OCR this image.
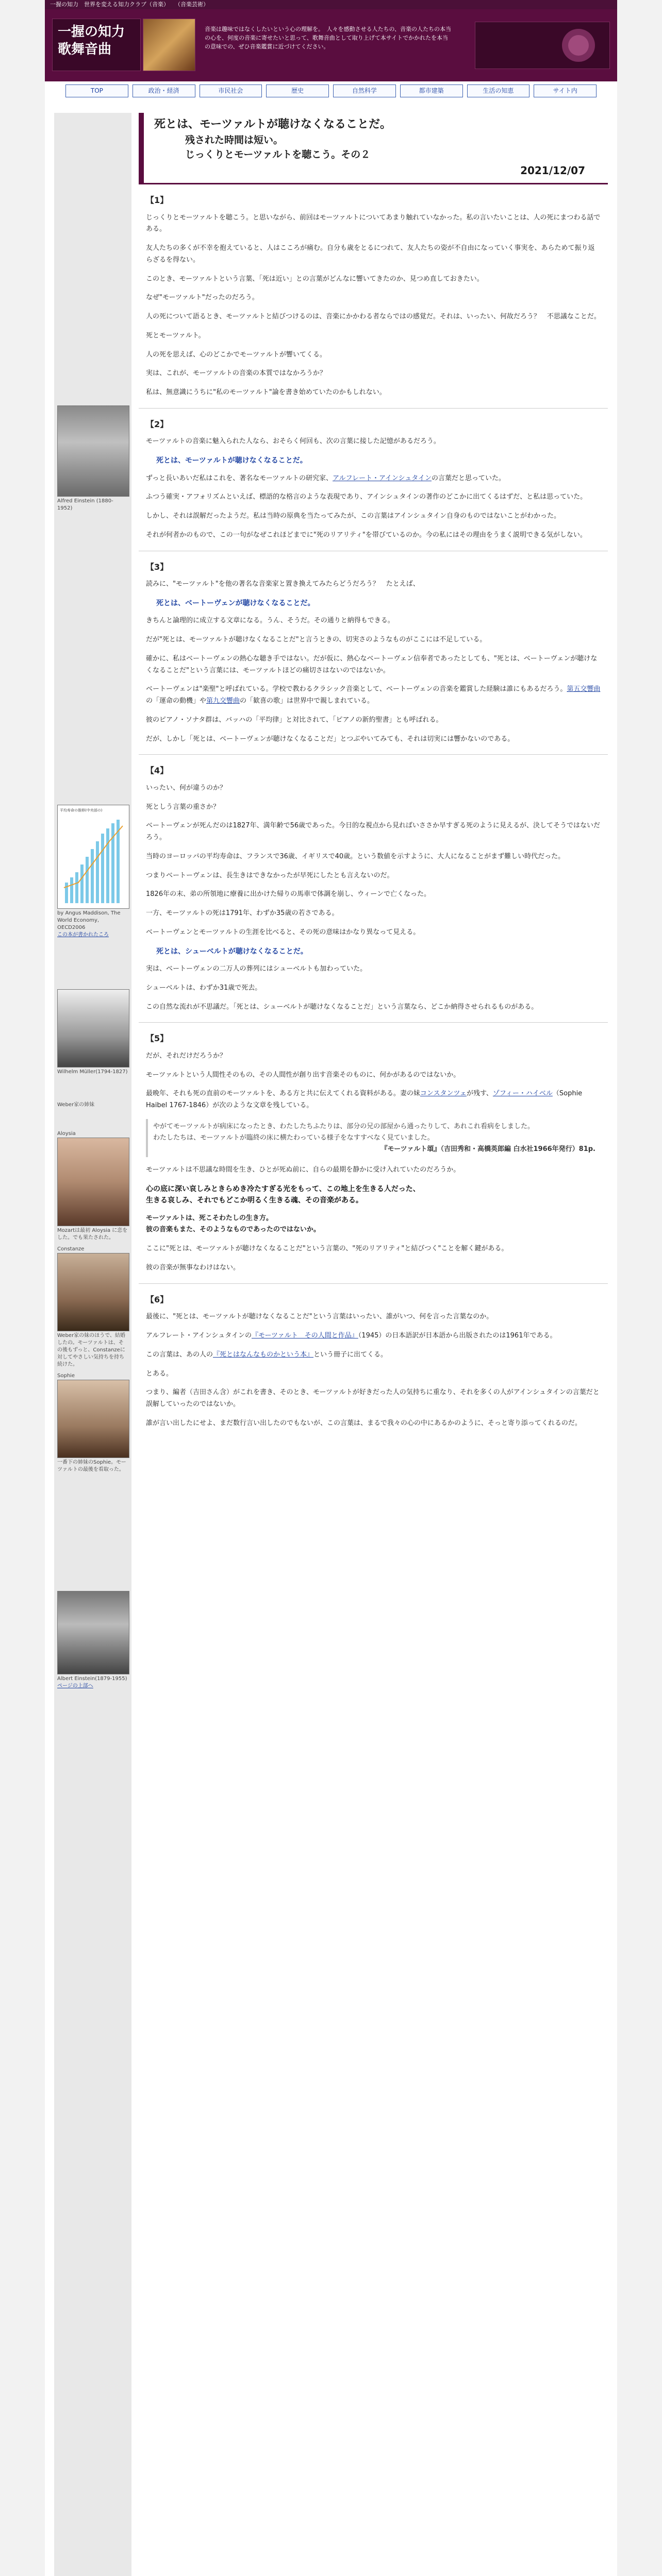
一握の知力　世界を変える知力クラブ（音楽）　　（音楽芸術）
一握の知力
歌舞音曲
音楽は趣味ではなくしたいという心の理解を。　人々を感動させる人たちの、音楽の人たちの本当の心を、何度の音楽に寄せたいと思って、歌舞音曲として取り上げて本サイトでかかれたを本当の意味での、ぜひ音楽鑑賞に近づけてください。
TOP	政治・経済	市民社会	歴史	自然科学	都市建築	生活の知恵	サイト内
Alfred Einstein (1880-1952)
平均寿命の推移(中央部の)
by Angus Maddison, The World Economy, OECD2006
この本が書かれたころ
Wilhelm Müller(1794-1827)
Weber家の姉妹
Aloysia
Mozartは最初 Aloysia に恋をした。でも果たされた。
Constanze
Weber家の妹のほうで、結婚したの。モーツァルトは、その後もずっと、Constanzeに対してやさしい気持ちを持ち続けた。
Sophie
一番下の姉妹のSophie。モーツァルトの最後を看取った。
Albert Einstein(1879-1955)
ページの上部へ
死とは、モーツァルトが聴けなくなることだ。
残された時間は短い。
じっくりとモーツァルトを聴こう。その２
2021/12/07
【1】

じっくりとモーツァルトを聴こう。と思いながら、前回はモーツァルトについてあまり触れていなかった。私の言いたいことは、人の死にまつわる話である。

友人たちの多くが不幸を抱えていると、人はこころが痛む。自分も歳をとるにつれて、友人たちの姿が不自由になっていく事実を、あらためて振り返らざるを得ない。

このとき、モーツァルトという言葉、「死は近い」との言葉がどんなに響いてきたのか、見つめ直しておきたい。

なぜ"モーツァルト"だったのだろう。

人の死について語るとき、モーツァルトと結びつけるのは、音楽にかかわる者ならではの感覚だ。それは、いったい、何故だろう？　不思議なことだ。

死とモーツァルト。

人の死を思えば、心のどこかでモーツァルトが響いてくる。

実は、これが、モーツァルトの音楽の本質ではなかろうか？

私は、無意識にうちに"私のモーツァルト"論を書き始めていたのかもしれない。

【2】

モーツァルトの音楽に魅入られた人なら、おそらく何回も、次の言葉に接した記憶があるだろう。

死とは、モーツァルトが聴けなくなることだ。

ずっと長いあいだ私はこれを、著名なモーツァルトの研究家、アルフレート・アインシュタインの言葉だと思っていた。

ふつう確実・アフォリズムといえば、標語的な格言のような表現であり、アインシュタインの著作のどこかに出てくるはずだ、と私は思っていた。

しかし、それは誤解だったようだ。私は当時の原典を当たってみたが、この言葉はアインシュタイン自身のものではないことがわかった。

それが何者かのもので、この一句がなぜこれほどまでに"死のリアリティ"を帯びているのか。今の私にはその理由をうまく説明できる気がしない。

【3】

読みに、"モーツァルト"を他の著名な音楽家と置き換えてみたらどうだろう？　たとえば、

死とは、ベートーヴェンが聴けなくなることだ。

きちんと論理的に成立する文章になる。うん、そうだ。その通りと納得もできる。

だが"死とは、モーツァルトが聴けなくなることだ"と言うときの、切実さのようなものがここには不足している。

確かに、私はベートーヴェンの熱心な聴き手ではない。だが仮に、熱心なベートーヴェン信奉者であったとしても、"死とは、ベートーヴェンが聴けなくなることだ"という言葉には、モーツァルトほどの痛切さはないのではないか。

ベートーヴェンは"楽聖"と呼ばれている。学校で教わるクラシック音楽として、ベートーヴェンの音楽を鑑賞した経験は誰にもあるだろう。第五交響曲の「運命の動機」や第九交響曲の「歓喜の歌」は世界中で親しまれている。

彼のピアノ・ソナタ群は、バッハの「平均律」と対比されて、「ピアノの新約聖書」とも呼ばれる。

だが、しかし「死とは、ベートーヴェンが聴けなくなることだ」とつぶやいてみても、それは切実には響かないのである。

【4】

いったい、何が違うのか？

死としう言葉の重さか？

ベートーヴェンが死んだのは1827年、満年齢で56歳であった。今日的な視点から見ればいささか早すぎる死のように見えるが、決してそうではないだろう。

当時のヨーロッパの平均寿命は、フランスで36歳、イギリスで40歳。という数値を示すように、大人になることがまず難しい時代だった。

つまりベートーヴェンは、長生きはできなかったが早死にしたとも言えないのだ。

1826年の末、弟の所領地に療養に出かけた帰りの馬車で体調を崩し、ウィーンで亡くなった。

一方、モーツァルトの死は1791年、わずか35歳の若さである。

ベートーヴェンとモーツァルトの生涯を比べると、その死の意味はかなり異なって見える。

死とは、シューベルトが聴けなくなることだ。

実は、ベートーヴェンの二万人の葬列にはシューベルトも加わっていた。

シューベルトは、わずか31歳で死去。

この自然な流れが不思議だ。「死とは、シューベルトが聴けなくなることだ」という言葉なら、どこか納得させられるものがある。

【5】

だが、それだけだろうか？

モーツァルトという人間性そのもの、その人間性が創り出す音楽そのものに、何かがあるのではないか。

最晩年、それも死の直前のモーツァルトを、ある方と共に伝えてくれる資料がある。妻の妹コンスタンツェが残す、ゾフィー・ハイベル（Sophie Haibel 1767-1846）が次のような文章を残している。

やがてモーツァルトが病床になったとき、わたしたちふたりは、部分の兄の部屋から通ったりして、あれこれ看病をしました。
わたしたちは、モーツァルトが臨終の床に横たわっている様子をなすすべなく見ていました。
『モーツァルト頌』（吉田秀和・高橋英郎編 白水社1966年発行）81p.

モーツァルトは不思議な時間を生き、ひとが死ぬ前に、自らの最期を静かに受け入れていたのだろうか。

心の底に深い哀しみときらめき冷たすぎる光をもって、この地上を生きる人だった、
生きる哀しみ、それでもどこか明るく生きる魂、その音楽がある。

モーツァルトは、死こそわたしの生き方。
彼の音楽もまた、そのようなものであったのではないか。

ここに"死とは、モーツァルトが聴けなくなることだ"という言葉の、"死のリアリティ"と結びつく"ことを解く鍵がある。

彼の音楽が無事なわけはない。

【6】

最後に、"死とは、モーツァルトが聴けなくなることだ"という言葉はいったい、誰がいつ、何を言った言葉なのか。

アルフレート・アインシュタインの『モーツァルト　その人間と作品』（1945）の日本語訳が日本語から出版されたのは1961年である。

この言葉は、あの人の『死とはなんなものかという本』という冊子に出てくる。

とある。

つまり、編者（吉田さん含）がこれを書き、そのとき、モーツァルトが好きだった人の気持ちに重なり、それを多くの人がアインシュタインの言葉だと誤解していったのではないか。

誰が言い出したにせよ、まだ数行言い出したのでもないが、この言葉は、まるで我々の心の中にあるかのように、そっと寄り添ってくれるのだ。
